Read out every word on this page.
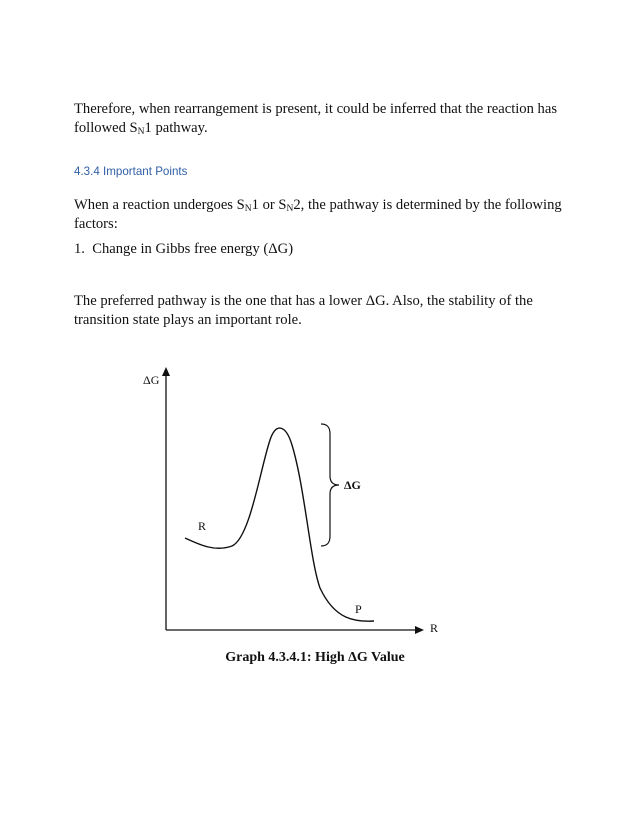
Therefore, when rearrangement is present, it could be inferred that the reaction has followed $S_N1$ pathway.

4.3.4 Important Points

When a reaction undergoes $S_N1$ or $S_N2$, the pathway is determined by the following factors:

1. Change in Gibbs free energy (ΔG)

The preferred pathway is the one that has a lower ΔG. Also, the stability of the transition state plays an important role.

ΔG
R
R
P
ΔG

Graph 4.3.4.1: High ΔG Value
